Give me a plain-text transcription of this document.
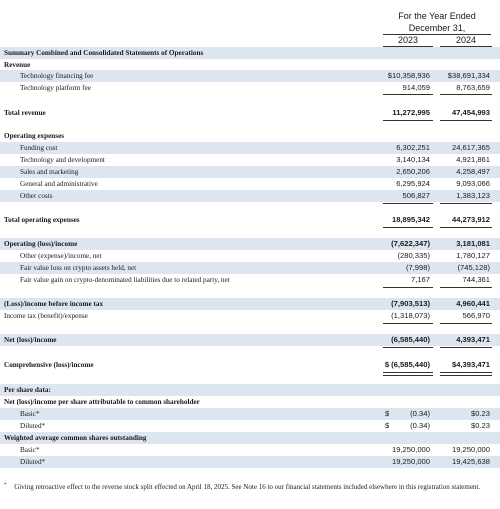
For the Year Ended
December 31,
2023	2024
Summary Combined and Consolidated Statements of Operations
Revenue
Technology financing fee	$10,358,936	$38,691,334
Technology platform fee	914,059	8,763,659
Total revenue	11,272,995	47,454,993
Operating expenses
Funding cost	6,302,251	24,617,365
Technology and development	3,140,134	4,921,861
Sales and marketing	2,650,206	4,258,497
General and administrative	6,295,924	9,093,066
Other costs	506,827	1,383,123
Total operating expenses	18,895,342	44,273,912
Operating (loss)/income	(7,622,347)	3,181,081
Other (expense)/income, net	(280,335)	1,780,127
Fair value loss on crypto assets held, net	(7,998)	(745,128)
Fair value gain on crypto-denominated liabilities due to related party, net	7,167	744,361
(Loss)/income before income tax	(7,903,513)	4,960,441
Income tax (benefit)/expense	(1,318,073)	566,970
Net (loss)/income	(6,585,440)	4,393,471
Comprehensive (loss)/income	$ (6,585,440)	$4,393,471
Per share data:
Net (loss)/income per share attributable to common shareholder
Basic*	$	(0.34)	$0.23
Diluted*	$	(0.34)	$0.23
Weighted average common shares outstanding
Basic*	19,250,000	19,250,000
Diluted*	19,250,000	19,425,638
* Giving retroactive effect to the reverse stock split effected on April 18, 2025. See Note 16 to our financial statements included elsewhere in this registration statement.
